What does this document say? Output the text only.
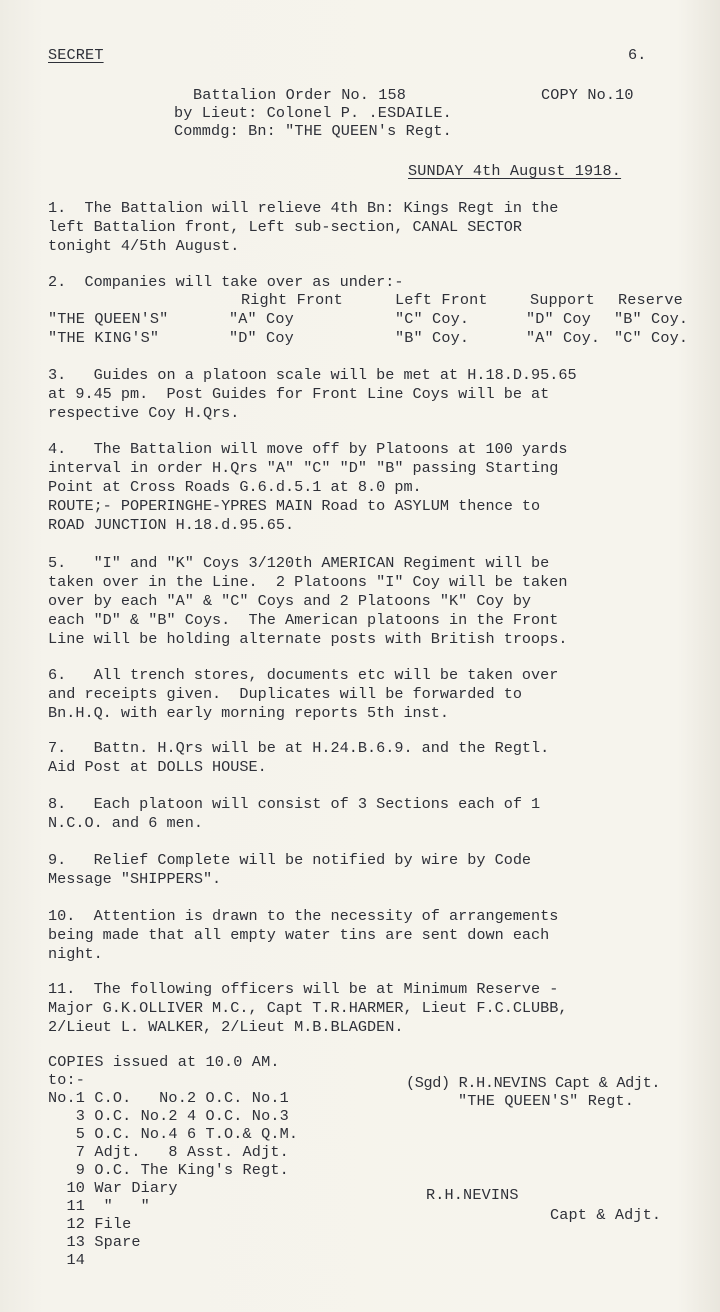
SECRET	6.
Battalion Order No. 158	COPY No.10
by Lieut: Colonel P. .ESDAILE.
Commdg: Bn: "THE QUEEN's Regt.
SUNDAY 4th August 1918.
1.  The Battalion will relieve 4th Bn: Kings Regt in the
left Battalion front, Left sub-section, CANAL SECTOR
tonight 4/5th August.
2.  Companies will take over as under:-
Right Front	Left Front	Support Reserve
"THE QUEEN'S"	"A" Coy	"C" Coy.	"D" Coy "B" Coy.
"THE KING'S"	"D" Coy	"B" Coy.	"A" Coy. "C" Coy.
3.   Guides on a platoon scale will be met at H.18.D.95.65
at 9.45 pm.  Post Guides for Front Line Coys will be at
respective Coy H.Qrs.
4.   The Battalion will move off by Platoons at 100 yards
interval in order H.Qrs "A" "C" "D" "B" passing Starting
Point at Cross Roads G.6.d.5.1 at 8.0 pm.
ROUTE;- POPERINGHE-YPRES MAIN Road to ASYLUM thence to
ROAD JUNCTION H.18.d.95.65.
5.   "I" and "K" Coys 3/120th AMERICAN Regiment will be
taken over in the Line.  2 Platoons "I" Coy will be taken
over by each "A" & "C" Coys and 2 Platoons "K" Coy by
each "D" & "B" Coys.  The American platoons in the Front
Line will be holding alternate posts with British troops.
6.   All trench stores, documents etc will be taken over
and receipts given.  Duplicates will be forwarded to
Bn.H.Q. with early morning reports 5th inst.
7.   Battn. H.Qrs will be at H.24.B.6.9. and the Regtl.
Aid Post at DOLLS HOUSE.
8.   Each platoon will consist of 3 Sections each of 1
N.C.O. and 6 men.
9.   Relief Complete will be notified by wire by Code
Message "SHIPPERS".
10.  Attention is drawn to the necessity of arrangements
being made that all empty water tins are sent down each
night.
11.  The following officers will be at Minimum Reserve -
Major G.K.OLLIVER M.C., Capt T.R.HARMER, Lieut F.C.CLUBB,
2/Lieut L. WALKER, 2/Lieut M.B.BLAGDEN.
COPIES issued at 10.0 AM.
to:-
No.1 C.O.   No.2 O.C. No.1
3 O.C. No.2 4 O.C. No.3
5 O.C. No.4 6 T.O.& Q.M.
7 Adjt.   8 Asst. Adjt.
9 O.C. The King's Regt.
10 War Diary
11  "   "
12 File
13 Spare
14
(Sgd) R.H.NEVINS Capt & Adjt.
"THE QUEEN'S" Regt.
R.H.NEVINS
Capt & Adjt.
